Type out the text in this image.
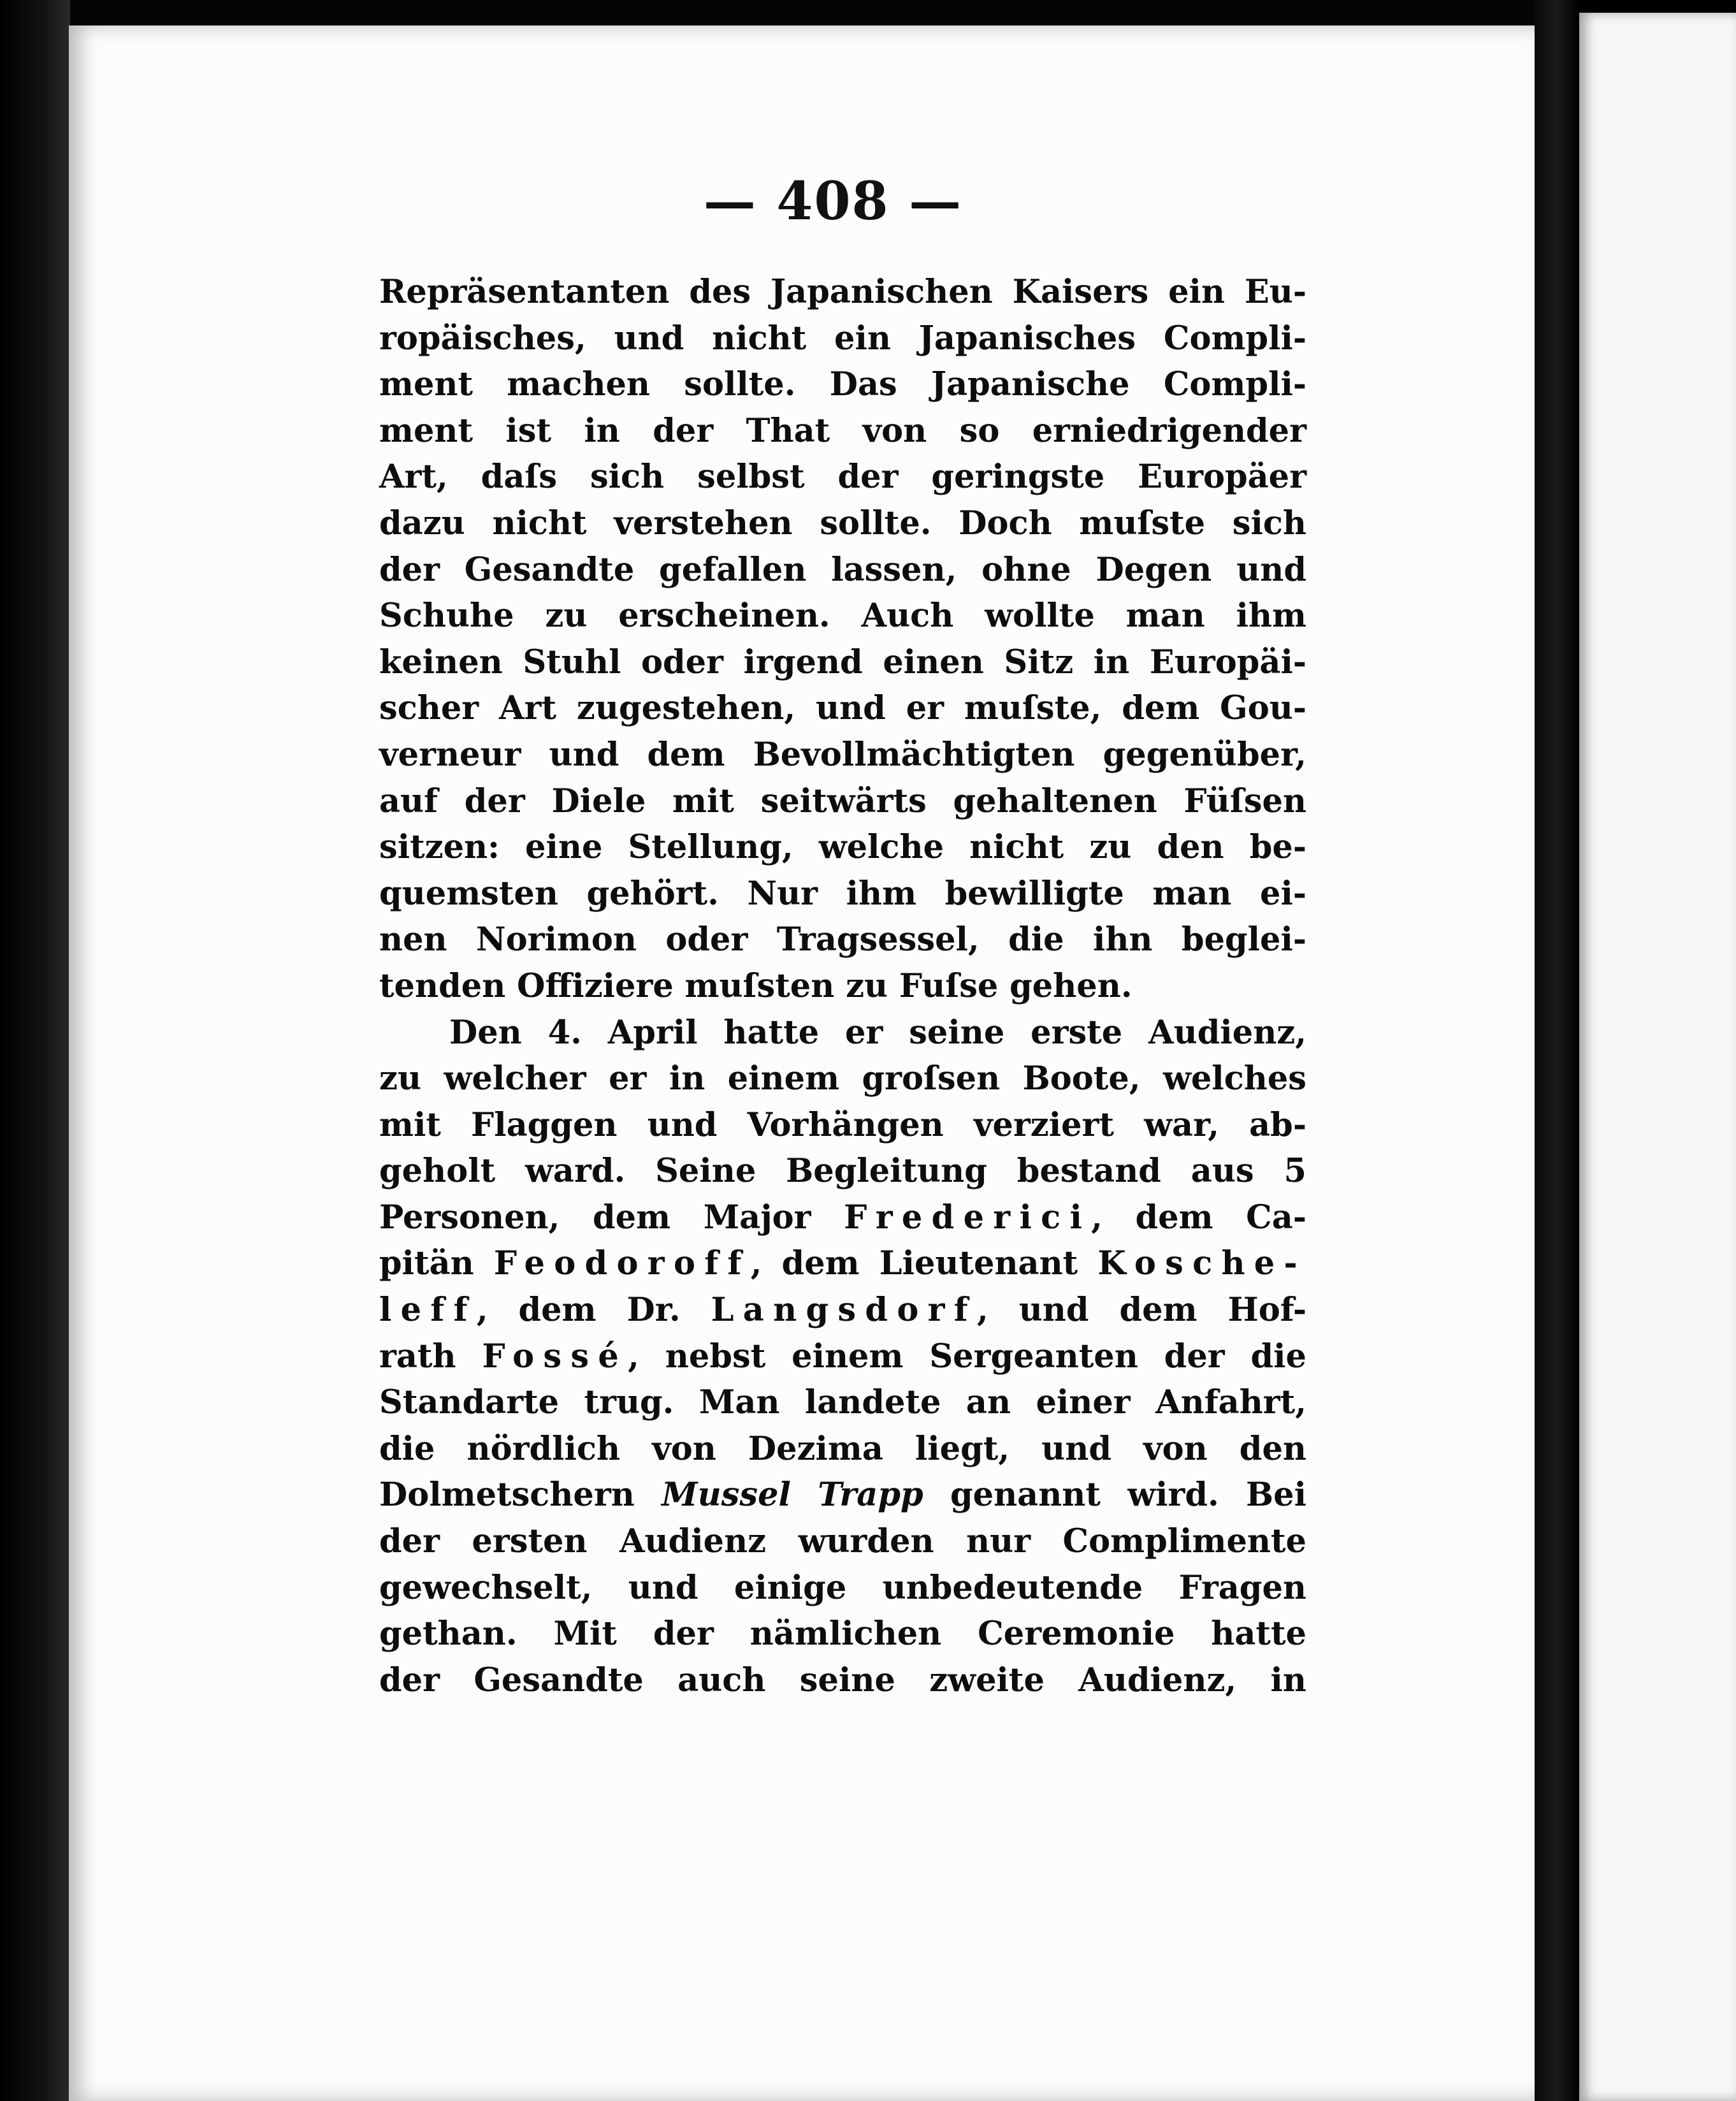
— 408 —
Repräsentanten des Japanischen Kaisers ein Eu-
ropäisches, und nicht ein Japanisches Compli-
ment machen sollte. Das Japanische Compli-
ment ist in der That von so erniedrigender
Art, daſs sich selbst der geringste Europäer
dazu nicht verstehen sollte. Doch muſste sich
der Gesandte gefallen lassen, ohne Degen und
Schuhe zu erscheinen. Auch wollte man ihm
keinen Stuhl oder irgend einen Sitz in Europäi-
scher Art zugestehen, und er muſste, dem Gou-
verneur und dem Bevollmächtigten gegenüber,
auf der Diele mit seitwärts gehaltenen Füſsen
sitzen: eine Stellung, welche nicht zu den be-
quemsten gehört. Nur ihm bewilligte man ei-
nen Norimon oder Tragsessel, die ihn beglei-
tenden Offiziere muſsten zu Fuſse gehen.
Den 4. April hatte er seine erste Audienz,
zu welcher er in einem groſsen Boote, welches
mit Flaggen und Vorhängen verziert war, ab-
geholt ward. Seine Begleitung bestand aus 5
Personen, dem Major Frederici, dem Ca-
pitän Feodoroff, dem Lieutenant Kosche-
leff, dem Dr. Langsdorf, und dem Hof-
rath Fossé, nebst einem Sergeanten der die
Standarte trug. Man landete an einer Anfahrt,
die nördlich von Dezima liegt, und von den
Dolmetschern Mussel Trapp genannt wird. Bei
der ersten Audienz wurden nur Complimente
gewechselt, und einige unbedeutende Fragen
gethan. Mit der nämlichen Ceremonie hatte
der Gesandte auch seine zweite Audienz, in
